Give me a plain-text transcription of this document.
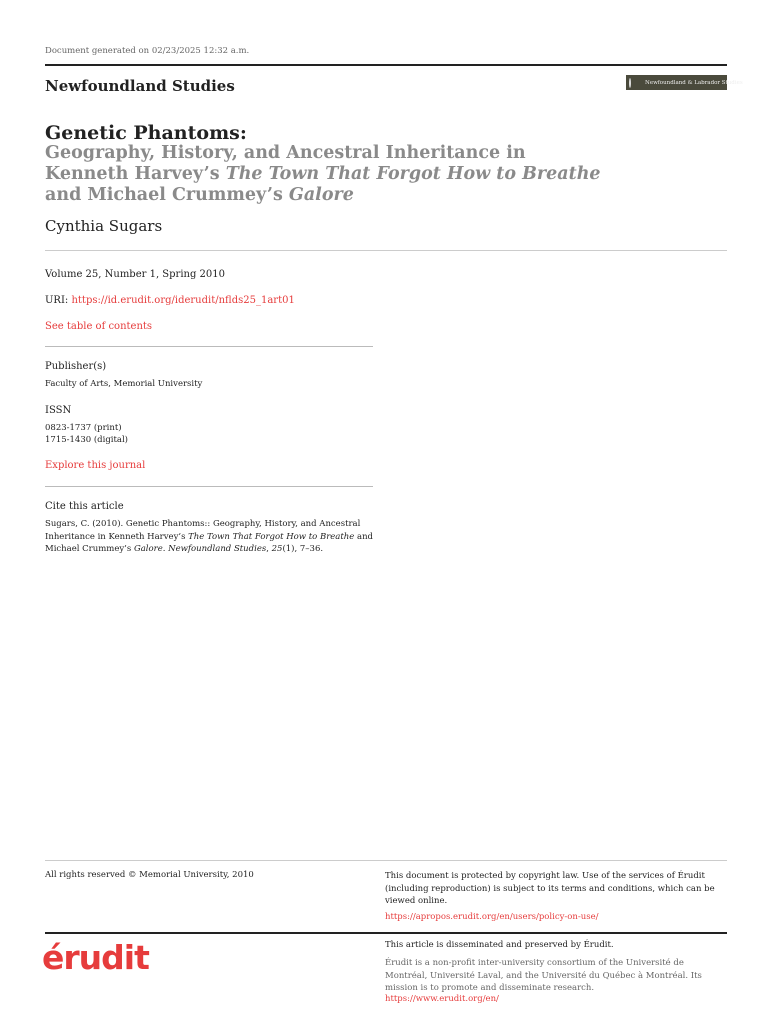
Document generated on 02/23/2025 12:32 a.m.
Newfoundland Studies	Newfoundland & Labrador Studies
Genetic Phantoms:
Geography, History, and Ancestral Inheritance in Kenneth Harvey’s The Town That Forgot How to Breathe and Michael Crummey’s Galore
Cynthia Sugars
Volume 25, Number 1, Spring 2010
URI: https://id.erudit.org/iderudit/nflds25_1art01
See table of contents
Publisher(s)
Faculty of Arts, Memorial University
ISSN
0823-1737 (print)
1715-1430 (digital)
Explore this journal
Cite this article
Sugars, C. (2010). Genetic Phantoms:: Geography, History, and Ancestral Inheritance in Kenneth Harvey’s The Town That Forgot How to Breathe and Michael Crummey’s Galore. Newfoundland Studies, 25(1), 7–36.
All rights reserved © Memorial University, 2010	This document is protected by copyright law. Use of the services of Érudit (including reproduction) is subject to its terms and conditions, which can be viewed online.
https://apropos.erudit.org/en/users/policy-on-use/
érudit	This article is disseminated and preserved by Érudit.
Érudit is a non-profit inter-university consortium of the Université de Montréal, Université Laval, and the Université du Québec à Montréal. Its mission is to promote and disseminate research.
https://www.erudit.org/en/
